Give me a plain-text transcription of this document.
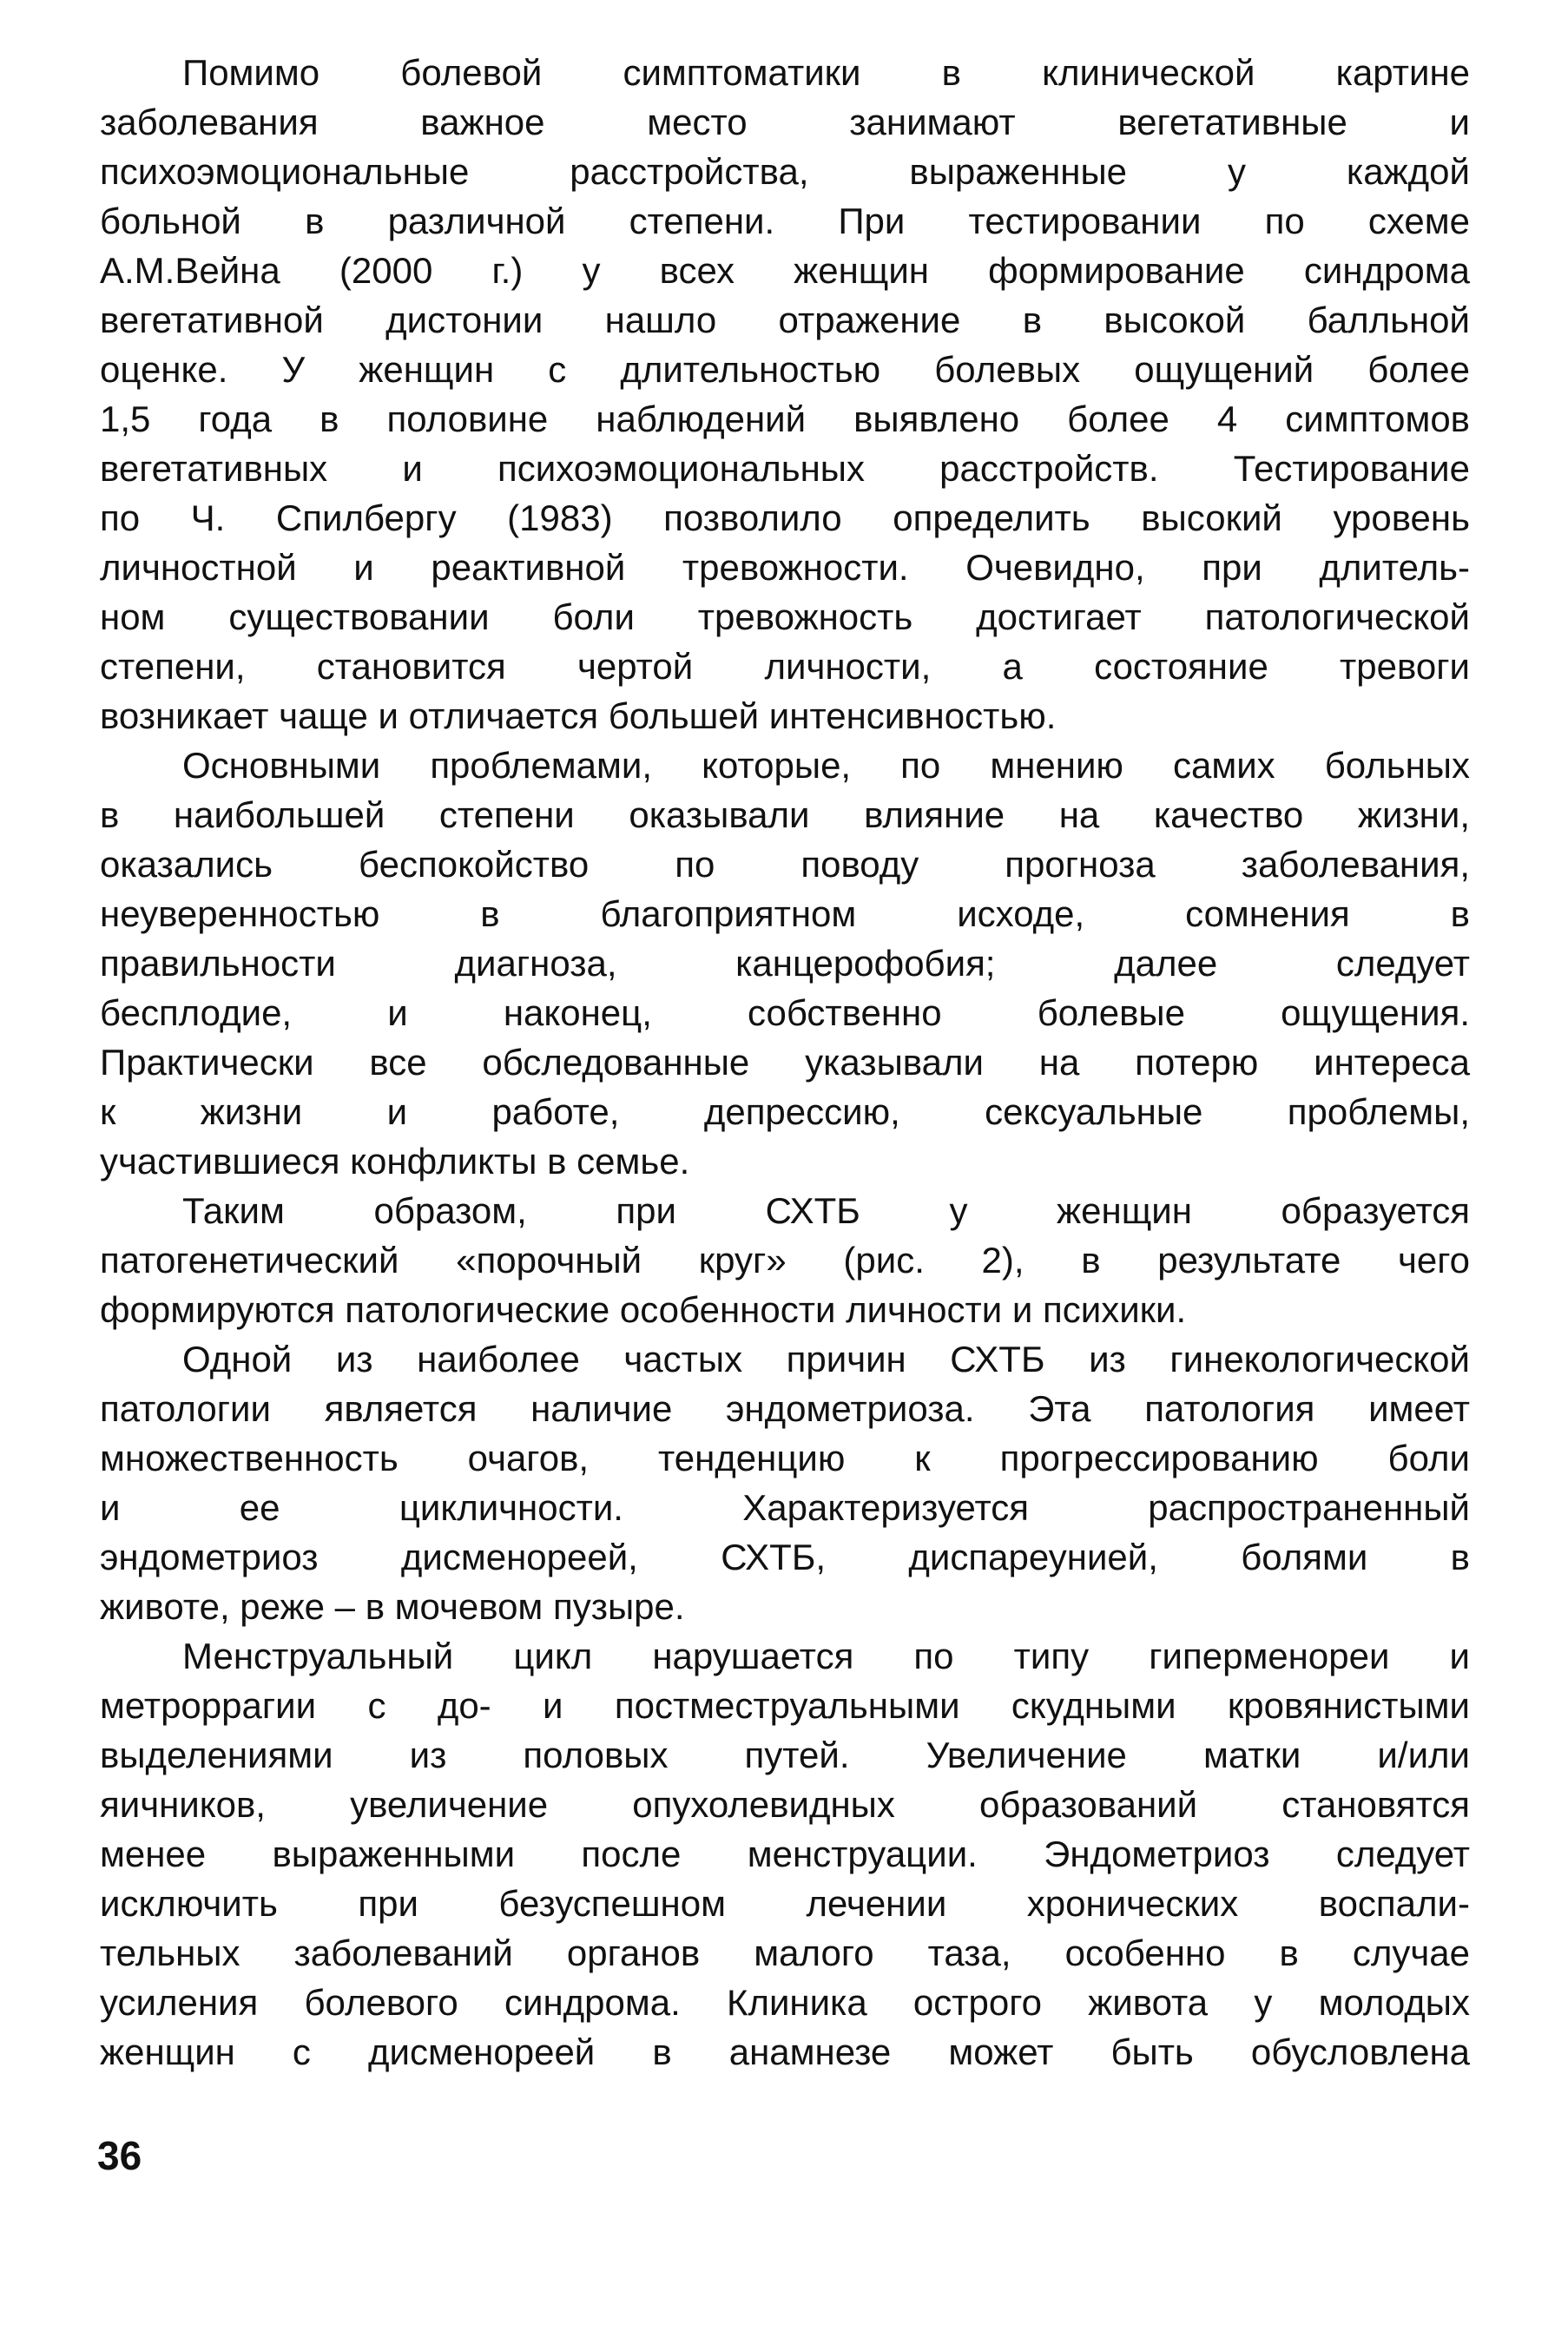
Помимо болевой симптоматики в клинической картине
заболевания важное место занимают вегетативные и
психоэмоциональные расстройства, выраженные у каждой
больной в различной степени. При тестировании по схеме
А.М.Вейна (2000 г.) у всех женщин формирование синдрома
вегетативной дистонии нашло отражение в высокой балльной
оценке. У женщин с длительностью болевых ощущений более
1,5 года в половине наблюдений выявлено более 4 симптомов
вегетативных и психоэмоциональных расстройств. Тестирование
по Ч. Спилбергу (1983) позволило определить высокий уровень
личностной и реактивной тревожности. Очевидно, при длитель-
ном существовании боли тревожность достигает патологической
степени, становится чертой личности, а состояние тревоги
возникает чаще и отличается большей интенсивностью.
Основными проблемами, которые, по мнению самих больных
в наибольшей степени оказывали влияние на качество жизни,
оказались беспокойство по поводу прогноза заболевания,
неуверенностью в благоприятном исходе, сомнения в
правильности диагноза, канцерофобия; далее следует
бесплодие, и наконец, собственно болевые ощущения.
Практически все обследованные указывали на потерю интереса
к жизни и работе, депрессию, сексуальные проблемы,
участившиеся конфликты в семье.
Таким образом, при СХТБ у женщин образуется
патогенетический «порочный круг» (рис. 2), в результате чего
формируются патологические особенности личности и психики.
Одной из наиболее частых причин СХТБ из гинекологической
патологии является наличие эндометриоза. Эта патология имеет
множественность очагов, тенденцию к прогрессированию боли
и ее цикличности. Характеризуется распространенный
эндометриоз дисменореей, СХТБ, диспареунией, болями в
животе, реже – в мочевом пузыре.
Менструальный цикл нарушается по типу гиперменореи и
метроррагии с до- и постместруальными скудными кровянистыми
выделениями из половых путей. Увеличение матки и/или
яичников, увеличение опухолевидных образований становятся
менее выраженными после менструации. Эндометриоз следует
исключить при безуспешном лечении хронических воспали-
тельных заболеваний органов малого таза, особенно в случае
усиления болевого синдрома. Клиника острого живота у молодых
женщин с дисменореей в анамнезе может быть обусловлена
36
